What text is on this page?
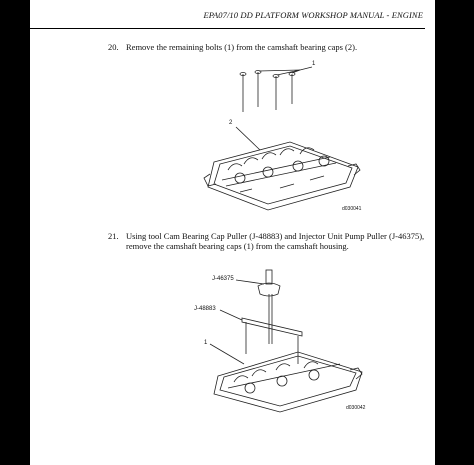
EPA07/10 DD PLATFORM WORKSHOP MANUAL - ENGINE
20. Remove the remaining bolts (1) from the camshaft bearing caps (2).
1
2
d030041
21. Using tool Cam Bearing Cap Puller (J-48883) and Injector Unit Pump Puller (J-46375),
remove the camshaft bearing caps (1) from the camshaft housing.
J-46375
J-48883
1
d030042
